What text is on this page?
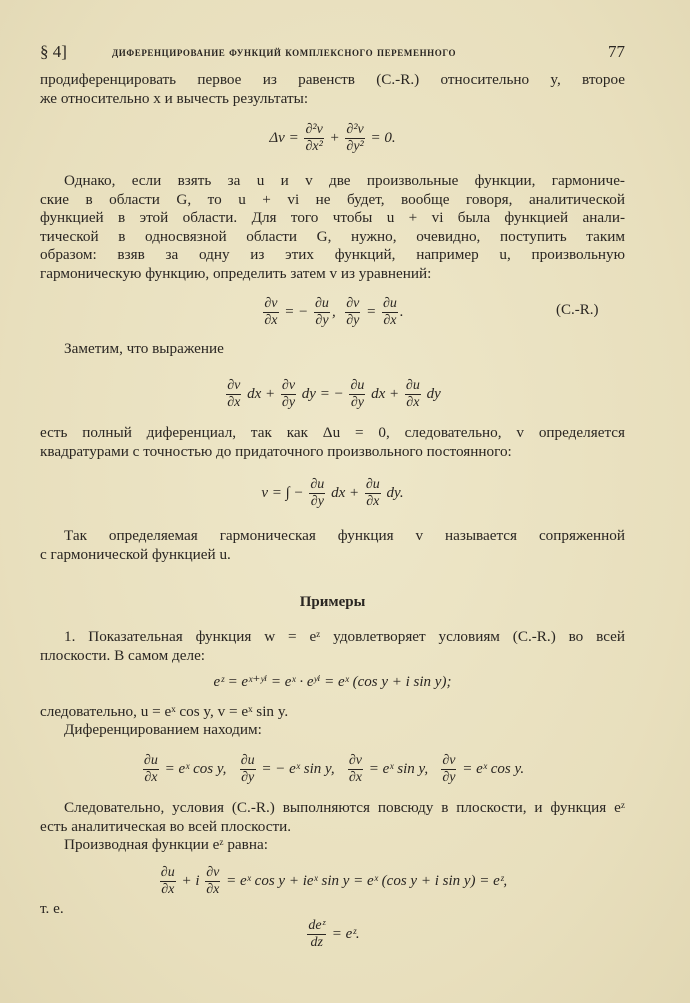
§ 4]	диференцирование функций комплексного переменного	77
продиференцировать первое из равенств (C.-R.) относительно y, второе
же относительно x и вычесть результаты:
$\Delta v = \frac{\text{∂²v}}{\text{∂x²}} + \frac{\text{∂²v}}{\text{∂y²}} = 0$.
Однако, если взять за u и v две произвольные функции, гармониче-
ские в области G, то u + vi не будет, вообще говоря, аналитической
функцией в этой области. Для того чтобы u + vi была функцией анали-
тической в односвязной области G, нужно, очевидно, поступить таким
образом: взяв за одну из этих функций, например u, произвольную
гармоническую функцию, определить затем v из уравнений:
$\frac{\partial v}{\partial x}$ = − $\frac{\partial u}{\partial y}$ , $\frac{\partial v}{\partial y} = \frac{\partial u}{\partial x}$ .	(C.-R.)
Заметим, что выражение
$\frac{\partial v}{\partial x}$ dx + $\frac{\partial v}{\partial y}$ dy = − $\frac{\partial u}{\partial y}$ dx + $\frac{\partial u}{\partial x}$ dy
есть полный диференциал, так как Δu = 0, следовательно, v определяется
квадратурами с точностью до придаточного произвольного постоянного:
v = ∫ − $\frac{\partial u}{\partial y}$ dx + $\frac{\partial u}{\partial x}$ dy.
Так определяемая гармоническая функция v называется сопряженной
с гармонической функцией u.
Примеры
1. Показательная функция w = eᶻ удовлетворяет условиям (C.-R.) во всей
плоскости. В самом деле:
eᶻ = eˣ⁺ʸⁱ = eˣ · eʸⁱ = eˣ (cos y + i sin y);
следовательно, u = eˣ cos y, v = eˣ sin y.
Диференцированием находим:
$\frac{\partial u}{\partial x}$ = eˣ cos y, $\frac{\partial u}{\partial y}$ = − eˣ sin y, $\frac{\partial v}{\partial x}$ = eˣ sin y, $\frac{\partial v}{\partial y}$ = eˣ cos y.
Следовательно, условия (C.-R.) выполняются повсюду в плоскости, и функция eᶻ
есть аналитическая во всей плоскости.
Производная функции eᶻ равна:
$\frac{\partial u}{\partial x} + i \frac{\partial v}{\partial x}$ = eˣ cos y + ieˣ sin y = eˣ (cos y + i sin y) = eᶻ,
т. е.
$\frac{\text{deᶻ}}{dz}$ = eᶻ.
